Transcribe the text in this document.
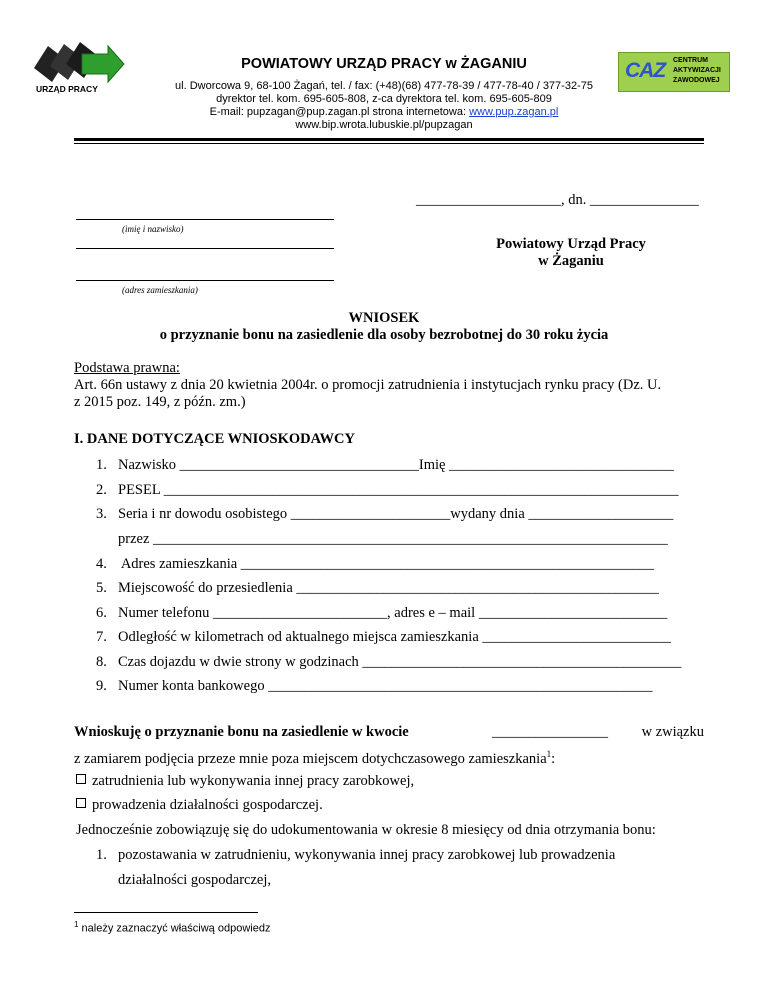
URZĄD PRACY
CAZ CENTRUM
AKTYWIZACJI
ZAWODOWEJ
POWIATOWY URZĄD PRACY w ŻAGANIU
ul. Dworcowa 9, 68-100 Żagań, tel. / fax: (+48)(68) 477-78-39 / 477-78-40 / 377-32-75
dyrektor tel. kom. 695-605-808, z-ca dyrektora tel. kom. 695-605-809
E-mail: pupzagan@pup.zagan.pl strona internetowa: www.pup.zagan.pl
www.bip.wrota.lubuskie.pl/pupzagan
____________________, dn. _______________
(imię i nazwisko)
(adres zamieszkania)
Powiatowy Urząd Pracy
w Żaganiu
WNIOSEK
o przyznanie bonu na zasiedlenie dla osoby bezrobotnej do 30 roku życia
Podstawa prawna:
Art. 66n ustawy z dnia 20 kwietnia 2004r. o promocji zatrudnienia i instytucjach rynku pracy (Dz. U.
z 2015 poz. 149, z późn. zm.)
I. DANE DOTYCZĄCE WNIOSKODAWCY
1. Nazwisko _________________________________Imię _______________________________
2. PESEL _______________________________________________________________________
3. Seria i nr dowodu osobistego ______________________wydany dnia ____________________
przez _______________________________________________________________________
4. Adres zamieszkania _________________________________________________________
5. Miejscowość do przesiedlenia __________________________________________________
6. Numer telefonu ________________________, adres e – mail __________________________
7. Odległość w kilometrach od aktualnego miejsca zamieszkania __________________________
8. Czas dojazdu w dwie strony w godzinach ____________________________________________
9. Numer konta bankowego _____________________________________________________
Wnioskuję o przyznanie bonu na zasiedlenie w kwocie	________________ w związku
z zamiarem podjęcia przeze mnie poza miejscem dotychczasowego zamieszkania$^1$:
zatrudnienia lub wykonywania innej pracy zarobkowej,
prowadzenia działalności gospodarczej.
Jednocześnie zobowiązuję się do udokumentowania w okresie 8 miesięcy od dnia otrzymania bonu:
1. pozostawania w zatrudnieniu, wykonywania innej pracy zarobkowej lub prowadzenia
działalności gospodarczej,
$^1$ należy zaznaczyć właściwą odpowiedz
